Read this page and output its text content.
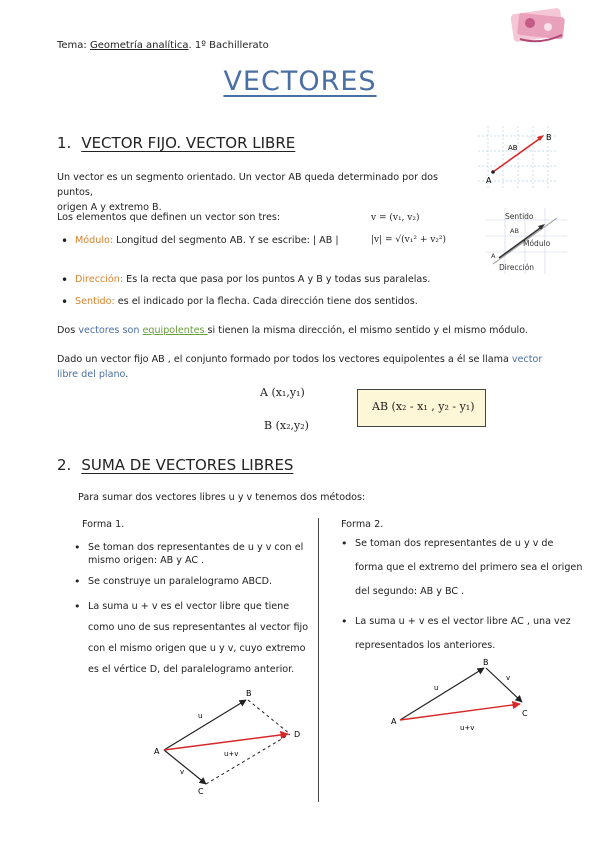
Tema: Geometría analítica. 1º Bachillerato
VECTORES
1. VECTOR FIJO. VECTOR LIBRE
Un vector es un segmento orientado. Un vector AB queda determinado por dos puntos,
origen A y extremo B.
Los elementos que definen un vector son tres:
• Módulo: Longitud del segmento AB. Y se escribe: | AB |
• Dirección: Es la recta que pasa por los puntos A y B y todas sus paralelas.
• Sentido: es el indicado por la flecha. Cada dirección tiene dos sentidos.
v = (v₁, v₂)
|v| = √(v₁² + v₂²)
A
B
AB
Sentido
AB
Módulo
A
Dirección
Dos vectores son equipolentes si tienen la misma dirección, el mismo sentido y el mismo módulo.
Dado un vector fijo AB , el conjunto formado por todos los vectores equipolentes a él se llama vector libre del plano.
A (x₁,y₁)
B (x₂,y₂)
AB (x₂ - x₁ , y₂ - y₁)
2. SUMA DE VECTORES LIBRES
Para sumar dos vectores libres u y v tenemos dos métodos:
Forma 1.
• Se toman dos representantes de u y v con el mismo origen: AB y AC .
• Se construye un paralelogramo ABCD.
• La suma u + v es el vector libre que tiene como uno de sus representantes al vector fijo con el mismo origen que u y v, cuyo extremo es el vértice D, del paralelogramo anterior.
A
B
C
D
u
v
u+v
Forma 2.
• Se toman dos representantes de u y v de forma que el extremo del primero sea el origen del segundo: AB y BC .
• La suma u + v es el vector libre AC , una vez representados los anteriores.
A
B
C
u
v
u+v
